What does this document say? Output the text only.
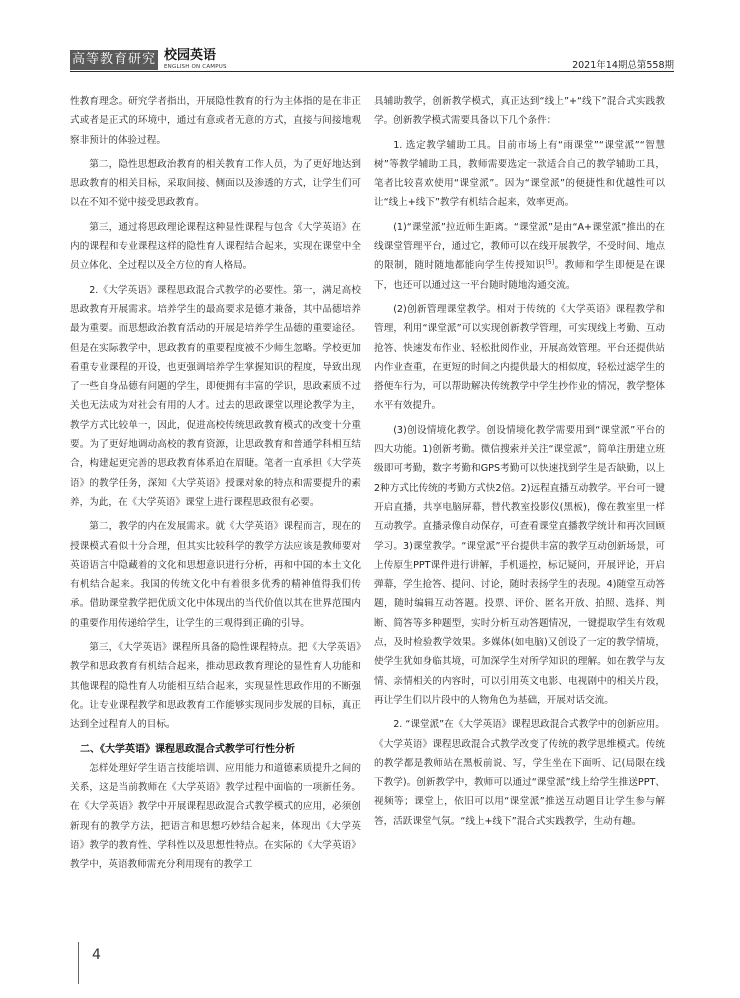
高等教育研究 校园英语
ENGLISH ON CAMPUS	2021年14期总第558期

性教育理念。研究学者指出，开展隐性教育的行为主体指的是在非正式或者是正式的环境中，通过有意或者无意的方式，直接与间接地观察非预计的体验过程。

第二，隐性思想政治教育的相关教育工作人员，为了更好地达到思政教育的相关目标，采取间接、侧面以及渗透的方式，让学生们可以在不知不觉中接受思政教育。

第三，通过将思政理论课程这种显性课程与包含《大学英语》在内的课程和专业课程这样的隐性育人课程结合起来，实现在课堂中全员立体化、全过程以及全方位的育人格局。

2.《大学英语》课程思政混合式教学的必要性。第一，满足高校思政教育开展需求。培养学生的最高要求是德才兼备，其中品德培养最为重要。而思想政治教育活动的开展是培养学生品德的重要途径。但是在实际教学中，思政教育的重要程度被不少师生忽略。学校更加看重专业课程的开设，也更强调培养学生掌握知识的程度，导致出现了一些自身品德有问题的学生，即便拥有丰富的学识，思政素质不过关也无法成为对社会有用的人才。过去的思政课堂以理论教学为主，教学方式比较单一，因此，促进高校传统思政教育模式的改变十分重要。为了更好地调动高校的教育资源，让思政教育和普通学科相互结合，构建起更完善的思政教育体系迫在眉睫。笔者一直承担《大学英语》的教学任务，深知《大学英语》授课对象的特点和需要提升的素养，为此，在《大学英语》课堂上进行课程思政很有必要。

第二，教学的内在发展需求。就《大学英语》课程而言，现在的授课模式看似十分合理，但其实比较科学的教学方法应该是教师要对英语语言中隐藏着的文化和思想意识进行分析，再和中国的本土文化有机结合起来。我国的传统文化中有着很多优秀的精神值得我们传承。借助课堂教学把优质文化中体现出的当代价值以其在世界范围内的重要作用传递给学生，让学生的三观得到正确的引导。

第三，《大学英语》课程所具备的隐性课程特点。把《大学英语》教学和思政教育有机结合起来，推动思政教育理论的显性育人功能和其他课程的隐性育人功能相互结合起来，实现显性思政作用的不断强化。让专业课程教学和思政教育工作能够实现同步发展的目标，真正达到全过程育人的目标。

二、《大学英语》课程思政混合式教学可行性分析

怎样处理好学生语言技能培训、应用能力和道德素质提升之间的关系，这是当前教师在《大学英语》教学过程中面临的一项新任务。在《大学英语》教学中开展课程思政混合式教学模式的应用，必须创新现有的教学方法，把语言和思想巧妙结合起来，体现出《大学英语》教学的教育性、学科性以及思想性特点。在实际的《大学英语》教学中，英语教师需充分利用现有的教学工

具辅助教学，创新教学模式，真正达到“线上”+“线下”混合式实践教学。创新教学模式需要具备以下几个条件：

1. 选定教学辅助工具。目前市场上有“雨课堂”“课堂派”“智慧树”等教学辅助工具，教师需要选定一款适合自己的教学辅助工具，笔者比较喜欢使用“课堂派”。因为“课堂派”的便捷性和优越性可以让“线上+线下”教学有机结合起来，效率更高。

(1)“课堂派”拉近师生距离。“课堂派”是由“A+课堂派”推出的在线课堂管理平台，通过它，教师可以在线开展教学，不受时间、地点的限制，随时随地都能向学生传授知识[5]。教师和学生即便是在课下，也还可以通过这一平台随时随地沟通交流。

(2)创新管理课堂教学。相对于传统的《大学英语》课程教学和管理，利用“课堂派”可以实现创新教学管理，可实现线上考勤、互动抢答、快速发布作业、轻松批阅作业，开展高效管理。平台还提供站内作业查重，在更短的时间之内提供最大的相似度，轻松过滤学生的搭便车行为，可以帮助解决传统教学中学生抄作业的情况，教学整体水平有效提升。

(3)创设情境化教学。创设情境化教学需要用到“课堂派”平台的四大功能。1)创新考勤。微信搜索并关注“课堂派”，简单注册建立班级即可考勤，数字考勤和GPS考勤可以快速找到学生是否缺勤，以上2种方式比传统的考勤方式快2倍。2)远程直播互动教学。平台可一键开启直播，共享电脑屏幕，替代教室投影仪(黑板)，像在教室里一样互动教学。直播录像自动保存，可查看课堂直播教学统计和再次回顾学习。3)课堂教学。“课堂派”平台提供丰富的教学互动创新场景，可上传原生PPT课件进行讲解，手机遥控，标记疑问，开展评论，开启弹幕，学生抢答、提问、讨论，随时表扬学生的表现。4)随堂互动答题，随时编辑互动答题。投票、评价、匿名开放、拍照、选择、判断、简答等多种题型，实时分析互动答题情况，一键提取学生有效观点，及时检验教学效果。多媒体(如电脑)又创设了一定的教学情境，使学生犹如身临其境，可加深学生对所学知识的理解。如在教学与友情、亲情相关的内容时，可以引用英文电影、电视剧中的相关片段，再让学生们以片段中的人物角色为基础，开展对话交流。

2. “课堂派”在《大学英语》课程思政混合式教学中的创新应用。《大学英语》课程思政混合式教学改变了传统的教学思维模式。传统的教学都是教师站在黑板前说、写，学生坐在下面听、记(局限在线下教学)。创新教学中，教师可以通过“课堂派”线上给学生推送PPT、视频等；课堂上，依旧可以用“课堂派”推送互动题目让学生参与解答，活跃课堂气氛。“线上+线下”混合式实践教学，生动有趣。

4
